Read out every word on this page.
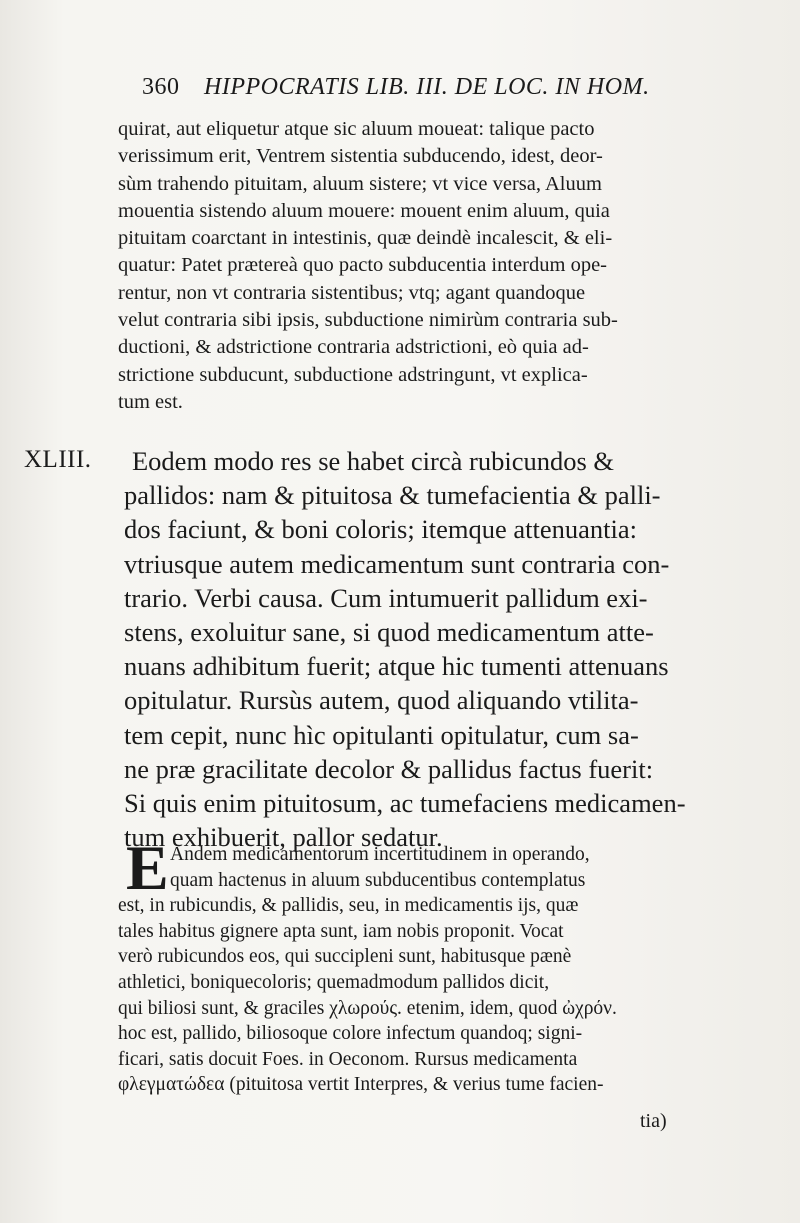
360 HIPPOCRATIS LIB. III. DE LOC. IN HOM.
quirat, aut eliquetur atque sic aluum moueat: talique pacto
verissimum erit, Ventrem sistentia subducendo, idest, deor-
sùm trahendo pituitam, aluum sistere; vt vice versa, Aluum
mouentia sistendo aluum mouere: mouent enim aluum, quia
pituitam coarctant in intestinis, quæ deindè incalescit, & eli-
quatur: Patet prætereà quo pacto subducentia interdum ope-
rentur, non vt contraria sistentibus; vtq; agant quandoque
velut contraria sibi ipsis, subductione nimirùm contraria sub-
ductioni, & adstrictione contraria adstrictioni, eò quia ad-
strictione subducunt, subductione adstringunt, vt explica-
tum est.
XLIII.	Eodem modo res se habet circà rubicundos &
pallidos: nam & pituitosa & tumefacientia & palli-
dos faciunt, & boni coloris; itemque attenuantia:
vtriusque autem medicamentum sunt contraria con-
trario. Verbi causa. Cum intumuerit pallidum exi-
stens, exoluitur sane, si quod medicamentum atte-
nuans adhibitum fuerit; atque hic tumenti attenuans
opitulatur. Rursùs autem, quod aliquando vtilita-
tem cepit, nunc hìc opitulanti opitulatur, cum sa-
ne præ gracilitate decolor & pallidus factus fuerit:
Si quis enim pituitosum, ac tumefaciens medicamen-
tum exhibuerit, pallor sedatur.
E Andem medicamentorum incertitudinem in operando,
quam hactenus in aluum subducentibus contemplatus
est, in rubicundis, & pallidis, seu, in medicamentis ijs, quæ
tales habitus gignere apta sunt, iam nobis proponit. Vocat
verò rubicundos eos, qui succipleni sunt, habitusque pænè
athletici, boniquecoloris; quemadmodum pallidos dicit,
qui biliosi sunt, & graciles χλωρούς. etenim, idem, quod ὠχρόν.
hoc est, pallido, biliosoque colore infectum quandoq; signi-
ficari, satis docuit Foes. in Oeconom. Rursus medicamenta
φλεγματώδεα (pituitosa vertit Interpres, & verius tume facien-
tia)
